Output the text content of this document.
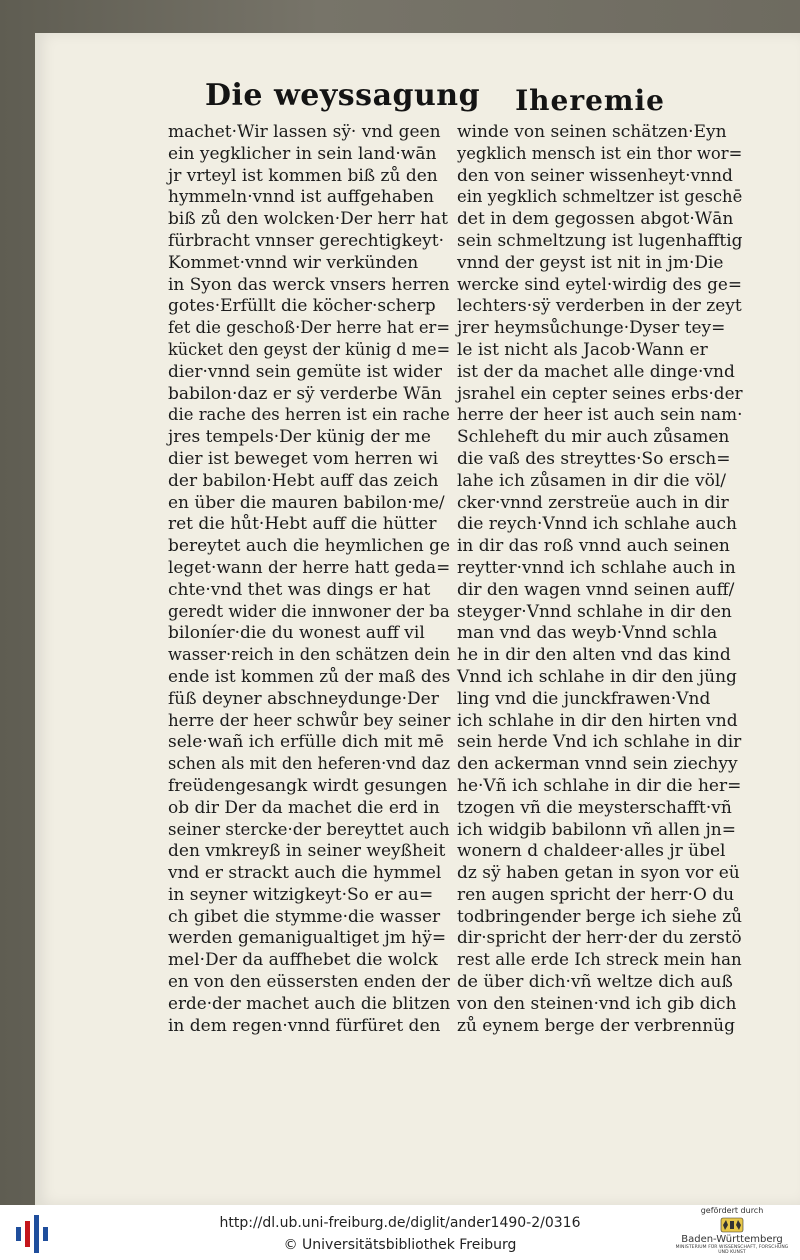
Die weyssagung Iheremie
machet·Wir lassen sÿ· vnd geen
ein yegklicher in sein land·wān
jr vrteyl ist kommen biß zů den
hymmeln·vnnd ist auffgehaben
biß zů den wolcken·Der herr hat
fürbracht vnnser gerechtigkeyt·
Kommet·vnnd wir verkünden
in Syon das werck vnsers herren
gotes·Erfüllt die köcher·scherp
fet die geschoß·Der herre hat er=
kücket den geyst der künig d me=
dier·vnnd sein gemüte ist wider
babilon·daz er sÿ verderbe Wān
die rache des herren ist ein rache
jres tempels·Der künig der me
dier ist beweget vom herren wi
der babilon·Hebt auff das zeich
en über die mauren babilon·me/
ret die hůt·Hebt auff die hütter
bereytet auch die heymlichen ge
leget·wann der herre hatt geda=
chte·vnd thet was dings er hat
geredt wider die innwoner der ba
biloníer·die du wonest auff vil
wasser·reich in den schätzen dein
ende ist kommen zů der maß des
füß deyner abschneydunge·Der
herre der heer schwůr bey seiner
sele·wañ ich erfülle dich mit mē
schen als mit den heferen·vnd daz
freüdengesangk wirdt gesungen
ob dir Der da machet die erd in
seiner stercke·der bereyttet auch
den vmkreyß in seiner weyßheit
vnd er strackt auch die hymmel
in seyner witzigkeyt·So er au=
ch gibet die stymme·die wasser
werden gemanigualtiget jm hÿ=
mel·Der da auffhebet die wolck
en von den eüssersten enden der
erde·der machet auch die blitzen
in dem regen·vnnd fürfüret den
winde von seinen schätzen·Eyn
yegklich mensch ist ein thor wor=
den von seiner wissenheyt·vnnd
ein yegklich schmeltzer ist geschē
det in dem gegossen abgot·Wān
sein schmeltzung ist lugenhafftig
vnnd der geyst ist nit in jm·Die
wercke sind eytel·wirdig des ge=
lechters·sÿ verderben in der zeyt
jrer heymsůchunge·Dyser tey=
le ist nicht als Jacob·Wann er
ist der da machet alle dinge·vnd
jsrahel ein cepter seines erbs·der
herre der heer ist auch sein nam·
Schleheft du mir auch zůsamen
die vaß des streyttes·So ersch=
lahe ich zůsamen in dir die völ/
cker·vnnd zerstreüe auch in dir
die reych·Vnnd ich schlahe auch
in dir das roß vnnd auch seinen
reytter·vnnd ich schlahe auch in
dir den wagen vnnd seinen auff/
steyger·Vnnd schlahe in dir den
man vnd das weyb·Vnnd schla
he in dir den alten vnd das kind
Vnnd ich schlahe in dir den jüng
ling vnd die junckfrawen·Vnd
ich schlahe in dir den hirten vnd
sein herde Vnd ich schlahe in dir
den ackerman vnnd sein ziechyy
he·Vñ ich schlahe in dir die her=
tzogen vñ die meysterschafft·vñ
ich widgib babilonn vñ allen jn=
wonern d chaldeer·alles jr übel
dz sÿ haben getan in syon vor eü
ren augen spricht der herr·O du
todbringender berge ich siehe zů
dir·spricht der herr·der du zerstö
rest alle erde Ich streck mein han
de über dich·vñ weltze dich auß
von den steinen·vnd ich gib dich
zů eynem berge der verbrennüg
http://dl.ub.uni-freiburg.de/diglit/ander1490-2/0316
© Universitätsbibliothek Freiburg
gefördert durch
Baden-Württemberg
MINISTERIUM FÜR WISSENSCHAFT, FORSCHUNG UND KUNST
